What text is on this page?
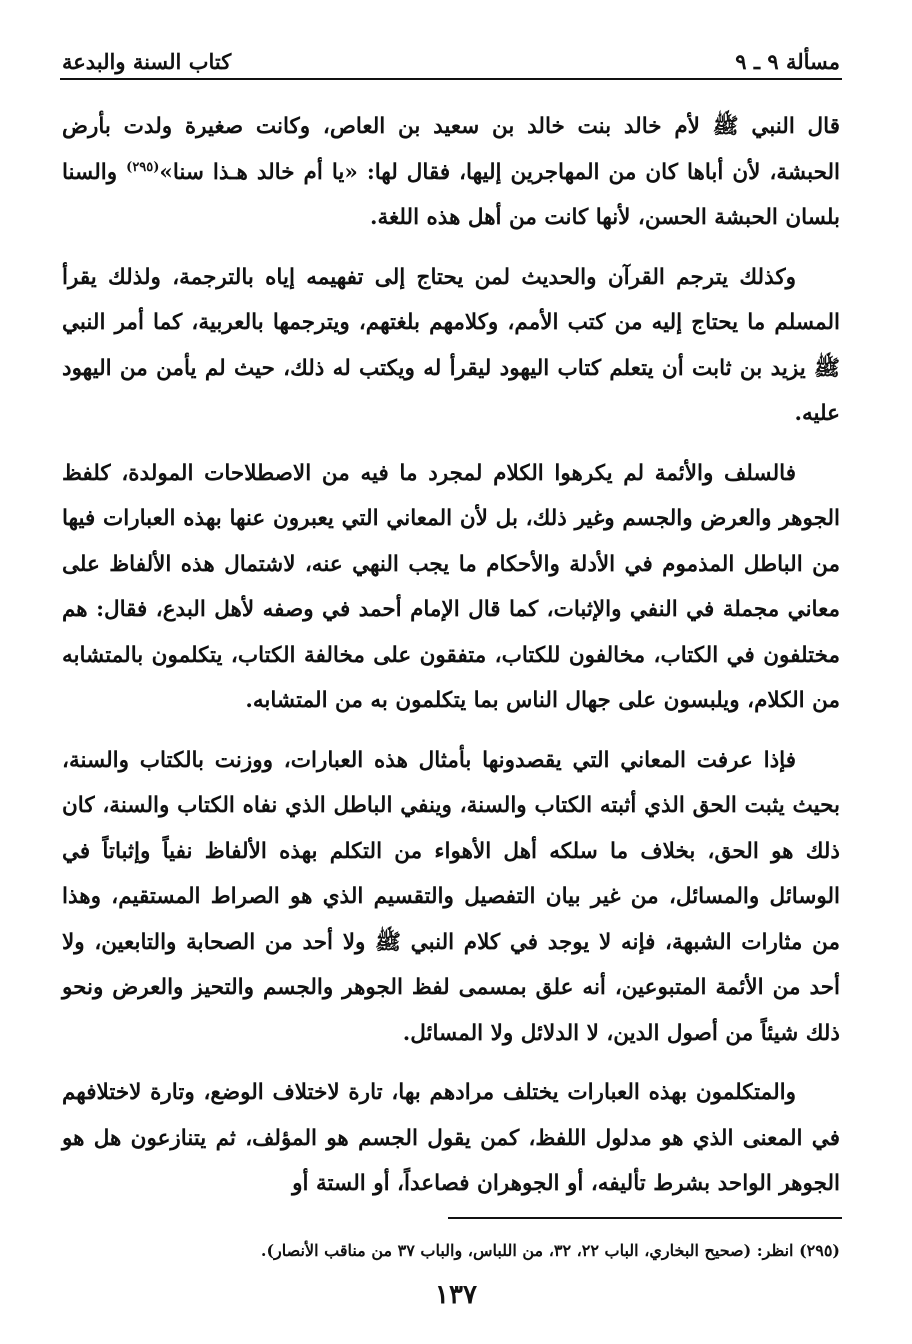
مسألة ٩ ـ ٩
كتاب السنة والبدعة

قال النبي ﷺ لأم خالد بنت خالد بن سعيد بن العاص، وكانت صغيرة ولدت بأرض الحبشة، لأن أباها كان من المهاجرين إليها، فقال لها: «يا أم خالد هـذا سنا»$^{(٢٩٥)}$ والسنا بلسان الحبشة الحسن، لأنها كانت من أهل هذه اللغة.

وكذلك يترجم القرآن والحديث لمن يحتاج إلى تفهيمه إياه بالترجمة، ولذلك يقرأ المسلم ما يحتاج إليه من كتب الأمم، وكلامهم بلغتهم، ويترجمها بالعربية، كما أمر النبي ﷺ يزيد بن ثابت أن يتعلم كتاب اليهود ليقرأ له ويكتب له ذلك، حيث لم يأمن من اليهود عليه.

فالسلف والأئمة لم يكرهوا الكلام لمجرد ما فيه من الاصطلاحات المولدة، كلفظ الجوهر والعرض والجسم وغير ذلك، بل لأن المعاني التي يعبرون عنها بهذه العبارات فيها من الباطل المذموم في الأدلة والأحكام ما يجب النهي عنه، لاشتمال هذه الألفاظ على معاني مجملة في النفي والإثبات، كما قال الإمام أحمد في وصفه لأهل البدع، فقال: هم مختلفون في الكتاب، مخالفون للكتاب، متفقون على مخالفة الكتاب، يتكلمون بالمتشابه من الكلام، ويلبسون على جهال الناس بما يتكلمون به من المتشابه.

فإذا عرفت المعاني التي يقصدونها بأمثال هذه العبارات، ووزنت بالكتاب والسنة، بحيث يثبت الحق الذي أثبته الكتاب والسنة، وينفي الباطل الذي نفاه الكتاب والسنة، كان ذلك هو الحق، بخلاف ما سلكه أهل الأهواء من التكلم بهذه الألفاظ نفياً وإثباتاً في الوسائل والمسائل، من غير بيان التفصيل والتقسيم الذي هو الصراط المستقيم، وهذا من مثارات الشبهة، فإنه لا يوجد في كلام النبي ﷺ ولا أحد من الصحابة والتابعين، ولا أحد من الأئمة المتبوعين، أنه علق بمسمى لفظ الجوهر والجسم والتحيز والعرض ونحو ذلك شيئاً من أصول الدين، لا الدلائل ولا المسائل.

والمتكلمون بهذه العبارات يختلف مرادهم بها، تارة لاختلاف الوضع، وتارة لاختلافهم في المعنى الذي هو مدلول اللفظ، كمن يقول الجسم هو المؤلف، ثم يتنازعون هل هو الجوهر الواحد بشرط تأليفه، أو الجوهران فصاعداً، أو الستة أو

(٢٩٥) انظر: (صحيح البخاري، الباب ٢٢، ٣٢، من اللباس، والباب ٣٧ من مناقب الأنصار).
١٣٧
